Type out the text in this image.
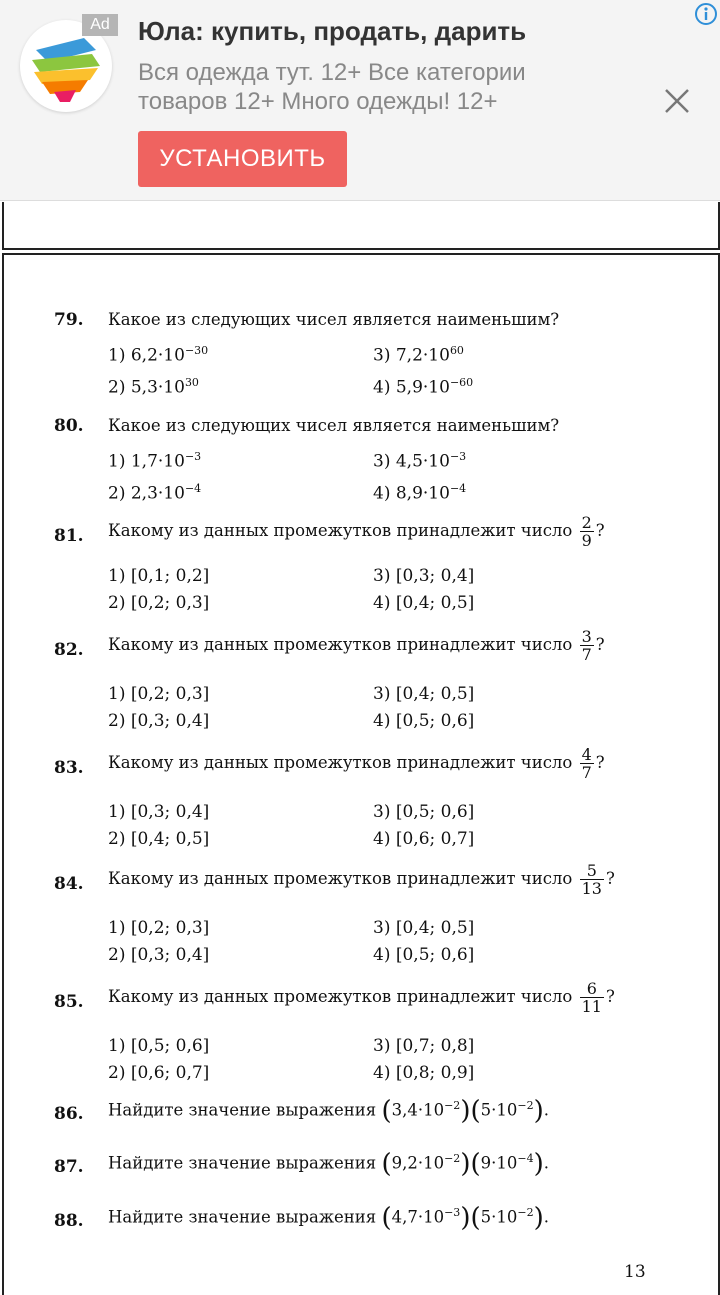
Ad	Юла: купить, продать, дарить
Вся одежда тут. 12+ Все категории товаров 12+ Много одежды! 12+
УСТАНОВИТЬ
79. Какое из следующих чисел является наименьшим?
1) $6,2\cdot 10^{-30}$	3) $7,2\cdot 10^{60}$
2) $5,3\cdot 10^{30}$	4) $5,9\cdot 10^{-60}$
80. Какое из следующих чисел является наименьшим?
1) $1,7\cdot 10^{-3}$	3) $4,5\cdot 10^{-3}$
2) $2,3\cdot 10^{-4}$	4) $8,9\cdot 10^{-4}$
81. Какому из данных промежутков принадлежит число $\frac{2}{9}$ ?
1) [0,1; 0,2]	3) [0,3; 0,4]
2) [0,2; 0,3]	4) [0,4; 0,5]
82. Какому из данных промежутков принадлежит число $\frac{3}{7}$ ?
1) [0,2; 0,3]	3) [0,4; 0,5]
2) [0,3; 0,4]	4) [0,5; 0,6]
83. Какому из данных промежутков принадлежит число $\frac{4}{7}$ ?
1) [0,3; 0,4]	3) [0,5; 0,6]
2) [0,4; 0,5]	4) [0,6; 0,7]
84. Какому из данных промежутков принадлежит число $\frac{5}{13}$ ?
1) [0,2; 0,3]	3) [0,4; 0,5]
2) [0,3; 0,4]	4) [0,5; 0,6]
85. Какому из данных промежутков принадлежит число $\frac{6}{11}$ ?
1) [0,5; 0,6]	3) [0,7; 0,8]
2) [0,6; 0,7]	4) [0,8; 0,9]
86. Найдите значение выражения $(3,4\cdot 10^{-2})(5\cdot 10^{-2})$.
87. Найдите значение выражения $(9,2\cdot 10^{-2})(9\cdot 10^{-4})$.
88. Найдите значение выражения $(4,7\cdot 10^{-3})(5\cdot 10^{-2})$.
13
